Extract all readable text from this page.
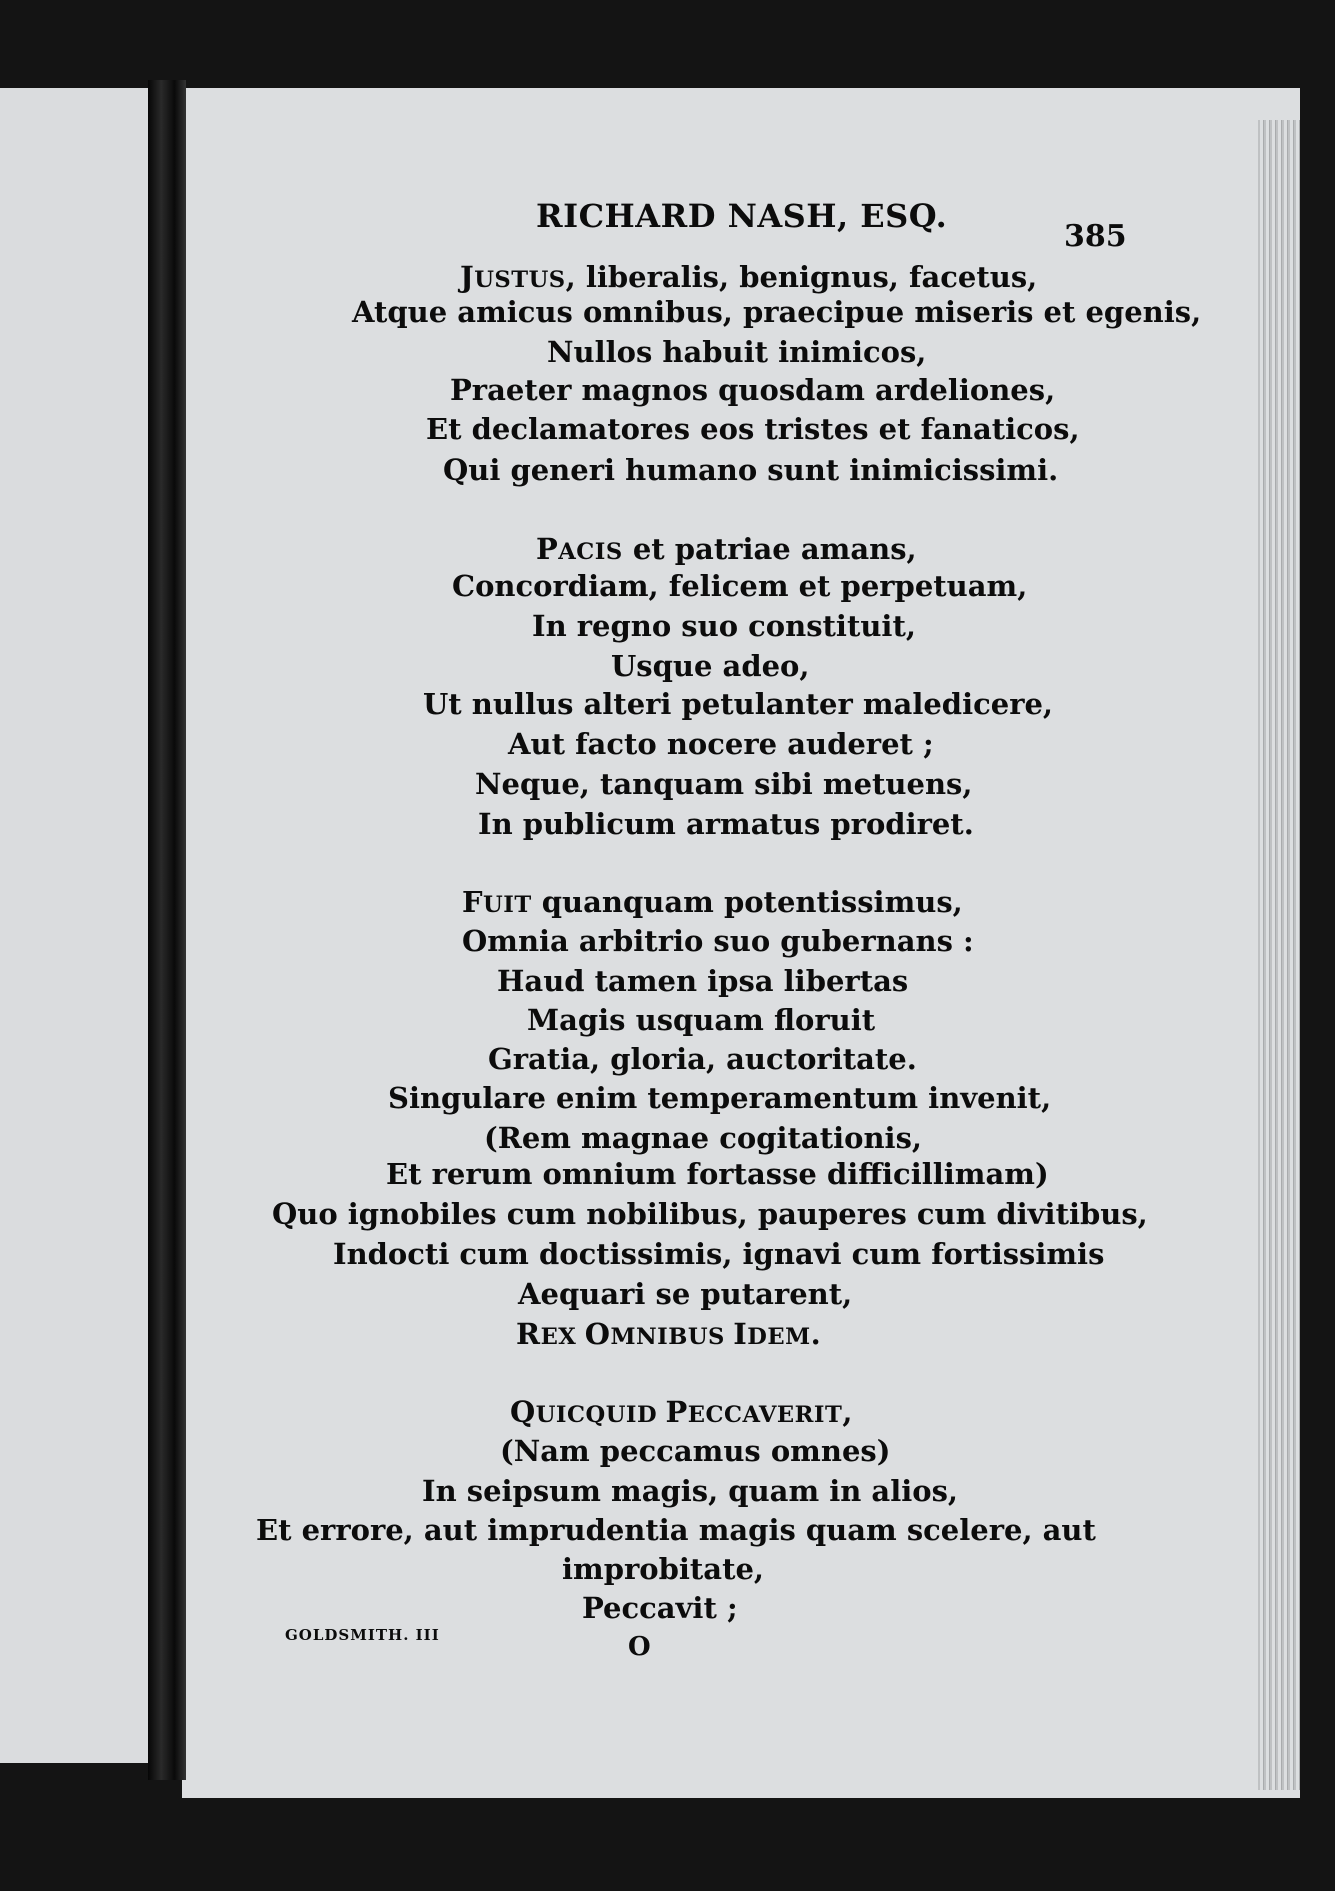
RICHARD NASH, ESQ.
385
JUSTUS, liberalis, benignus, facetus,
Atque amicus omnibus, praecipue miseris et egenis,
Nullos habuit inimicos,
Praeter magnos quosdam ardeliones,
Et declamatores eos tristes et fanaticos,
Qui generi humano sunt inimicissimi.
PACIS et patriae amans,
Concordiam, felicem et perpetuam,
In regno suo constituit,
Usque adeo,
Ut nullus alteri petulanter maledicere,
Aut facto nocere auderet ;
Neque, tanquam sibi metuens,
In publicum armatus prodiret.
FUIT quanquam potentissimus,
Omnia arbitrio suo gubernans :
Haud tamen ipsa libertas
Magis usquam floruit
Gratia, gloria, auctoritate.
Singulare enim temperamentum invenit,
(Rem magnae cogitationis,
Et rerum omnium fortasse difficillimam)
Quo ignobiles cum nobilibus, pauperes cum divitibus,
Indocti cum doctissimis, ignavi cum fortissimis
Aequari se putarent,
REX OMNIBUS IDEM.
QUICQUID PECCAVERIT,
(Nam peccamus omnes)
In seipsum magis, quam in alios,
Et errore, aut imprudentia magis quam scelere, aut
improbitate,
Peccavit ;
GOLDSMITH. III	O
